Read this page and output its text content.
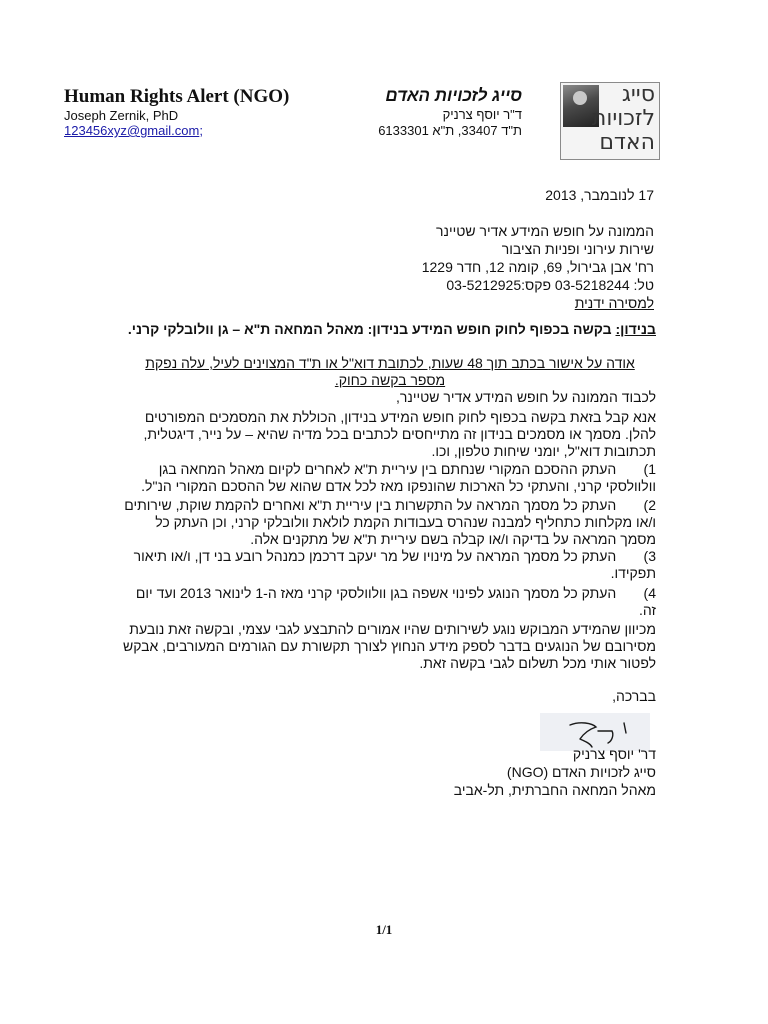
Human Rights Alert (NGO)	סייג לזכויות האדם
Joseph Zernik, PhD	ד"ר יוסף צרניק
123456xyz@gmail.com;	ת"ד 33407, ת"א 6133301
סייג לזכויות האדם
17 לנובמבר, 2013
הממונה על חופש המידע אדיר שטיינר
שירות עירוני ופניות הציבור
רח' אבן גבירול, 69, קומה 12, חדר 1229
טל: 03-5218244 פקס:03-5212925
למסירה ידנית
בנידון: בקשה בכפוף לחוק חופש המידע בנידון: מאהל המחאה ת"א – גן וולובלקי קרני.
אודה על אישור בכתב תוך 48 שעות, לכתובת דוא"ל או ת"ד המצוינים לעיל, עלה נפקת מספר בקשה כחוק.
לכבוד הממונה על חופש המידע אדיר שטיינר,
אנא קבל בזאת בקשה בכפוף לחוק חופש המידע בנידון, הכוללת את המסמכים המפורטים להלן. מסמך או מסמכים בנידון זה מתייחסים לכתבים בכל מדיה שהיא – על נייר, דיגטלית, תכתובות דוא"ל, יומני שיחות טלפון, וכו.
1)       העתק ההסכם המקורי שנחתם בין עיריית ת"א לאחרים לקיום מאהל המחאה בגן וולוולסקי קרני, והעתקי כל הארכות שהונפקו מאז לכל אדם שהוא של ההסכם המקורי הנ"ל.
2)       העתק כל מסמך המראה על התקשרות בין עיריית ת"א ואחרים להקמת שוקת, שירותים ו/או מקלחות כתחליף למבנה שנהרס בעבודות הקמת לולאת וולובלקי קרני, וכן העתק כל מסמך המראה על בדיקה ו/או קבלה בשם עיריית ת"א של מתקנים אלה.
3)       העתק כל מסמך המראה על מינויו של מר יעקב דרכמן כמנהל רובע בני דן, ו/או תיאור תפקידו.
4)       העתק כל מסמך הנוגע לפינוי אשפה בגן וולוולסקי קרני מאז ה-1 לינואר 2013 ועד יום זה.
מכיוון שהמידע המבוקש נוגע לשירותים שהיו אמורים להתבצע לגבי עצמי, ובקשה זאת נובעת מסירובם של הנוגעים בדבר לספק מידע הנחוץ לצורך תקשורת עם הגורמים המעורבים, אבקש לפטור אותי מכל תשלום לגבי בקשה זאת.
בברכה,
דר' יוסף צרניק
סייג לזכויות האדם (NGO)
מאהל המחאה החברתית, תל-אביב
1/1
